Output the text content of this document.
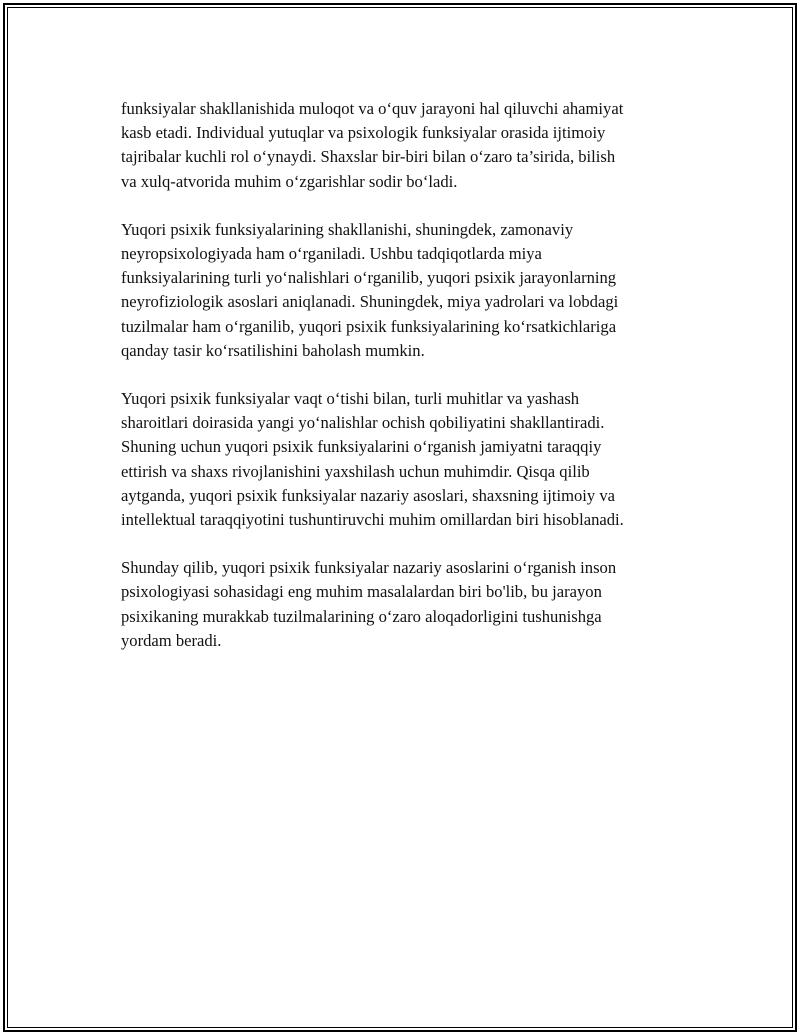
funksiyalar shakllanishida muloqot va o‘quv jarayoni hal qiluvchi ahamiyat
kasb etadi. Individual yutuqlar va psixologik funksiyalar orasida ijtimoiy
tajribalar kuchli rol o‘ynaydi. Shaxslar bir-biri bilan o‘zaro ta’sirida, bilish
va xulq-atvorida muhim o‘zgarishlar sodir bo‘ladi.

Yuqori psixik funksiyalarining shakllanishi, shuningdek, zamonaviy
neyropsixologiyada ham o‘rganiladi. Ushbu tadqiqotlarda miya
funksiyalarining turli yo‘nalishlari o‘rganilib, yuqori psixik jarayonlarning
neyrofiziologik asoslari aniqlanadi. Shuningdek, miya yadrolari va lobdagi
tuzilmalar ham o‘rganilib, yuqori psixik funksiyalarining ko‘rsatkichlariga
qanday tasir ko‘rsatilishini baholash mumkin.

Yuqori psixik funksiyalar vaqt o‘tishi bilan, turli muhitlar va yashash
sharoitlari doirasida yangi yo‘nalishlar ochish qobiliyatini shakllantiradi.
Shuning uchun yuqori psixik funksiyalarini o‘rganish jamiyatni taraqqiy
ettirish va shaxs rivojlanishini yaxshilash uchun muhimdir. Qisqa qilib
aytganda, yuqori psixik funksiyalar nazariy asoslari, shaxsning ijtimoiy va
intellektual taraqqiyotini tushuntiruvchi muhim omillardan biri hisoblanadi.

Shunday qilib, yuqori psixik funksiyalar nazariy asoslarini o‘rganish inson
psixologiyasi sohasidagi eng muhim masalalardan biri bo'lib, bu jarayon
psixikaning murakkab tuzilmalarining o‘zaro aloqadorligini tushunishga
yordam beradi.
